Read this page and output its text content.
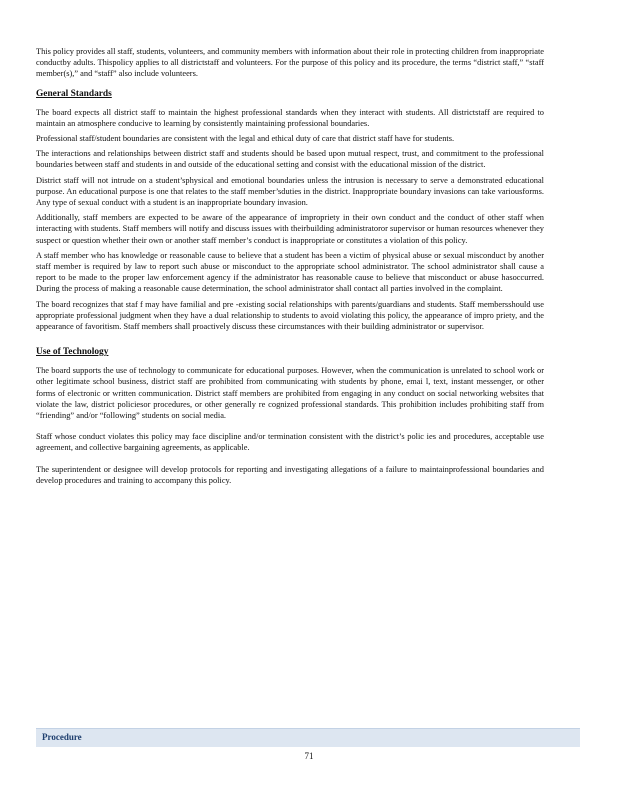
This policy provides all staff, students, volunteers, and community members with information about their role in protecting children from inappropriate conductby adults. Thispolicy applies to all districtstaff and volunteers. For the purpose of this policy and its procedure, the terms “district staff,” “staff member(s),” and “staff” also include volunteers.

General Standards

The board expects all district staff to maintain the highest professional standards when they interact with students. All districtstaff are required to maintain an atmosphere conducive to learning by consistently maintaining professional boundaries.

Professional staff/student boundaries are consistent with the legal and ethical duty of care that district staff have for students.

The interactions and relationships between district staff and students should be based upon mutual respect, trust, and commitment to the professional boundaries between staff and students in and outside of the educational setting and consist with the educational mission of the district.

District staff will not intrude on a student’sphysical and emotional boundaries unless the intrusion is necessary to serve a demonstrated educational purpose. An educational purpose is one that relates to the staff member’sduties in the district. Inappropriate boundary invasions can take variousforms. Any type of sexual conduct with a student is an inappropriate boundary invasion.

Additionally, staff members are expected to be aware of the appearance of impropriety in their own conduct and the conduct of other staff when interacting with students. Staff members will notify and discuss issues with theirbuilding administratoror supervisor or human resources whenever they suspect or question whether their own or another staff member’s conduct is inappropriate or constitutes a violation of this policy.

A staff member who has knowledge or reasonable cause to believe that a student has been a victim of physical abuse or sexual misconduct by another staff member is required by law to report such abuse or misconduct to the appropriate school administrator. The school administrator shall cause a report to be made to the proper law enforcement agency if the administrator has reasonable cause to believe that misconduct or abuse hasoccurred. During the process of making a reasonable cause determination, the school administrator shall contact all parties involved in the complaint.

The board recognizes that staf f may have familial and pre -existing social relationships with parents/guardians and students. Staff membersshould use appropriate professional judgment when they have a dual relationship to students to avoid violating this policy, the appearance of impro priety, and the appearance of favoritism. Staff members shall proactively discuss these circumstances with their building administrator or supervisor.

Use of Technology

The board supports the use of technology to communicate for educational purposes. However, when the communication is unrelated to school work or other legitimate school business, district staff are prohibited from communicating with students by phone, emai l, text, instant messenger, or other forms of electronic or written communication. District staff members are prohibited from engaging in any conduct on social networking websites that violate the law, district policiesor procedures, or other generally re cognized professional standards. This prohibition includes prohibiting staff from “friending” and/or “following” students on social media.

Staff whose conduct violates this policy may face discipline and/or termination consistent with the district’s polic ies and procedures, acceptable use agreement, and collective bargaining agreements, as applicable.

The superintendent or designee will develop protocols for reporting and investigating allegations of a failure to maintainprofessional boundaries and develop procedures and training to accompany this policy.

Procedure
71
